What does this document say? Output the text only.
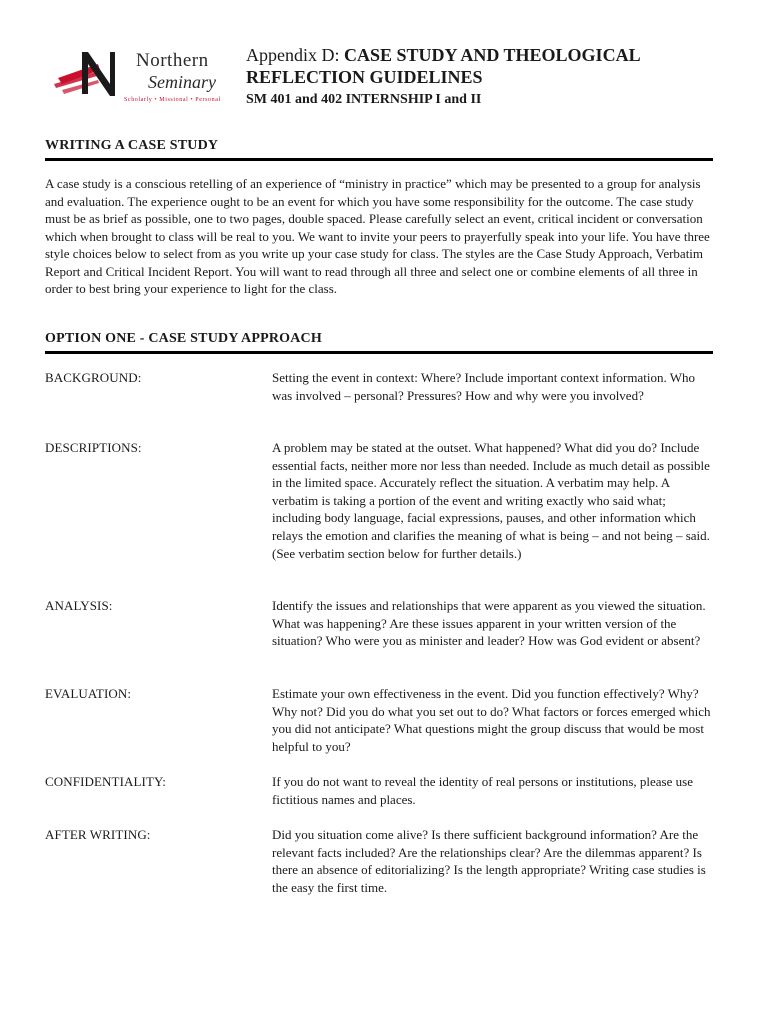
Northern
Seminary
Scholarly • Missional • Personal
Appendix D: CASE STUDY AND THEOLOGICAL
REFLECTION GUIDELINES
SM 401 and 402 INTERNSHIP I and II
WRITING A CASE STUDY
A case study is a conscious retelling of an experience of “ministry in practice” which may be presented to a group for analysis and evaluation. The experience ought to be an event for which you have some responsibility for the outcome. The case study must be as brief as possible, one to two pages, double spaced. Please carefully select an event, critical incident or conversation which when brought to class will be real to you. We want to invite your peers to prayerfully speak into your life. You have three style choices below to select from as you write up your case study for class. The styles are the Case Study Approach, Verbatim Report and Critical Incident Report. You will want to read through all three and select one or combine elements of all three in order to best bring your experience to light for the class.
OPTION ONE - CASE STUDY APPROACH
BACKGROUND:	Setting the event in context: Where? Include important context information. Who was involved – personal? Pressures? How and why were you involved?
DESCRIPTIONS:	A problem may be stated at the outset. What happened? What did you do? Include essential facts, neither more nor less than needed. Include as much detail as possible in the limited space. Accurately reflect the situation. A verbatim may help. A verbatim is taking a portion of the event and writing exactly who said what; including body language, facial expressions, pauses, and other information which relays the emotion and clarifies the meaning of what is being – and not being – said. (See verbatim section below for further details.)
ANALYSIS:	Identify the issues and relationships that were apparent as you viewed the situation. What was happening? Are these issues apparent in your written version of the situation? Who were you as minister and leader? How was God evident or absent?
EVALUATION:	Estimate your own effectiveness in the event. Did you function effectively? Why? Why not? Did you do what you set out to do? What factors or forces emerged which you did not anticipate? What questions might the group discuss that would be most helpful to you?
CONFIDENTIALITY:	If you do not want to reveal the identity of real persons or institutions, please use fictitious names and places.
AFTER WRITING:	Did you situation come alive? Is there sufficient background information? Are the relevant facts included? Are the relationships clear? Are the dilemmas apparent? Is there an absence of editorializing? Is the length appropriate? Writing case studies is the easy the first time.
